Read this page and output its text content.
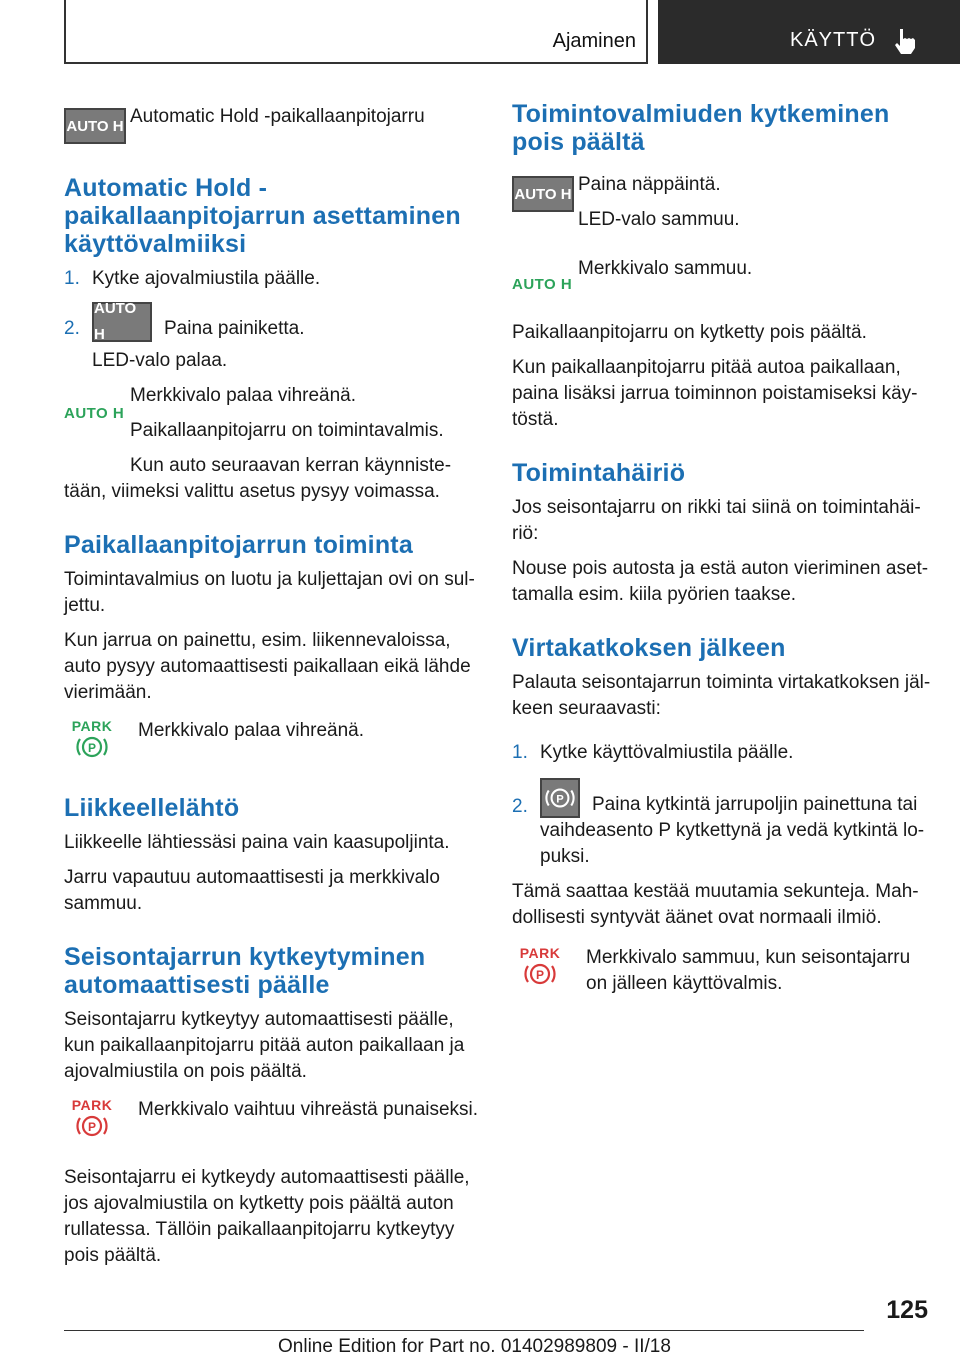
Ajaminen	KÄYTTÖ
AUTO H Automatic Hold -paikallaanpitojarru
Automatic Hold -paikallaanpitojarrun asettaminen käyttövalmiiksi
1. Kytke ajovalmiustila päälle.
2.
AUTO H	Paina painiketta.
LED-valo palaa.
AUTO H
Merkkivalo palaa vihreänä.
Paikallaanpitojarru on toimintavalmis.
Kun auto seuraavan kerran käynniste-tään, viimeksi valittu asetus pysyy voimassa.
Paikallaanpitojarrun toiminta
Toimintavalmius on luotu ja kuljettajan ovi on sul-jettu.
Kun jarrua on painettu, esim. liikennevaloissa, auto pysyy automaattisesti paikallaan eikä lähde vierimään.
PARK
P
Merkkivalo palaa vihreänä.
Liikkeellelähtö
Liikkeelle lähtiessäsi paina vain kaasupoljinta.
Jarru vapautuu automaattisesti ja merkkivalo sammuu.
Seisontajarrun kytkeytyminen automaattisesti päälle
Seisontajarru kytkeytyy automaattisesti päälle, kun paikallaanpitojarru pitää auton paikallaan ja ajovalmiustila on pois päältä.
PARK
P
Merkkivalo vaihtuu vihreästä punaiseksi.
Seisontajarru ei kytkeydy automaattisesti päälle, jos ajovalmiustila on kytketty pois päältä auton rullatessa. Tällöin paikallaanpitojarru kytkeytyy pois päältä.
Toimintovalmiuden kytkeminen pois päältä
AUTO H Paina näppäintä.
LED-valo sammuu.
AUTO H
Merkkivalo sammuu.
Paikallaanpitojarru on kytketty pois päältä.
Kun paikallaanpitojarru pitää autoa paikallaan, paina lisäksi jarrua toiminnon poistamiseksi käy-töstä.
Toimintahäiriö
Jos seisontajarru on rikki tai siinä on toimintahäi-riö:
Nouse pois autosta ja estä auton vieriminen aset-tamalla esim. kiila pyörien taakse.
Virtakatkoksen jälkeen
Palauta seisontajarrun toiminta virtakatkoksen jäl-keen seuraavasti:
1. Kytke käyttövalmiustila päälle.
2.	P	Paina kytkintä jarrupoljin painettuna tai vaihdeasento P kytkettynä ja vedä kytkintä lo-puksi.
Tämä saattaa kestää muutamia sekunteja. Mah-dollisesti syntyvät äänet ovat normaali ilmiö.
PARK
P
Merkkivalo sammuu, kun seisontajarru on jälleen käyttövalmis.
125
Online Edition for Part no. 01402989809 - II/18
